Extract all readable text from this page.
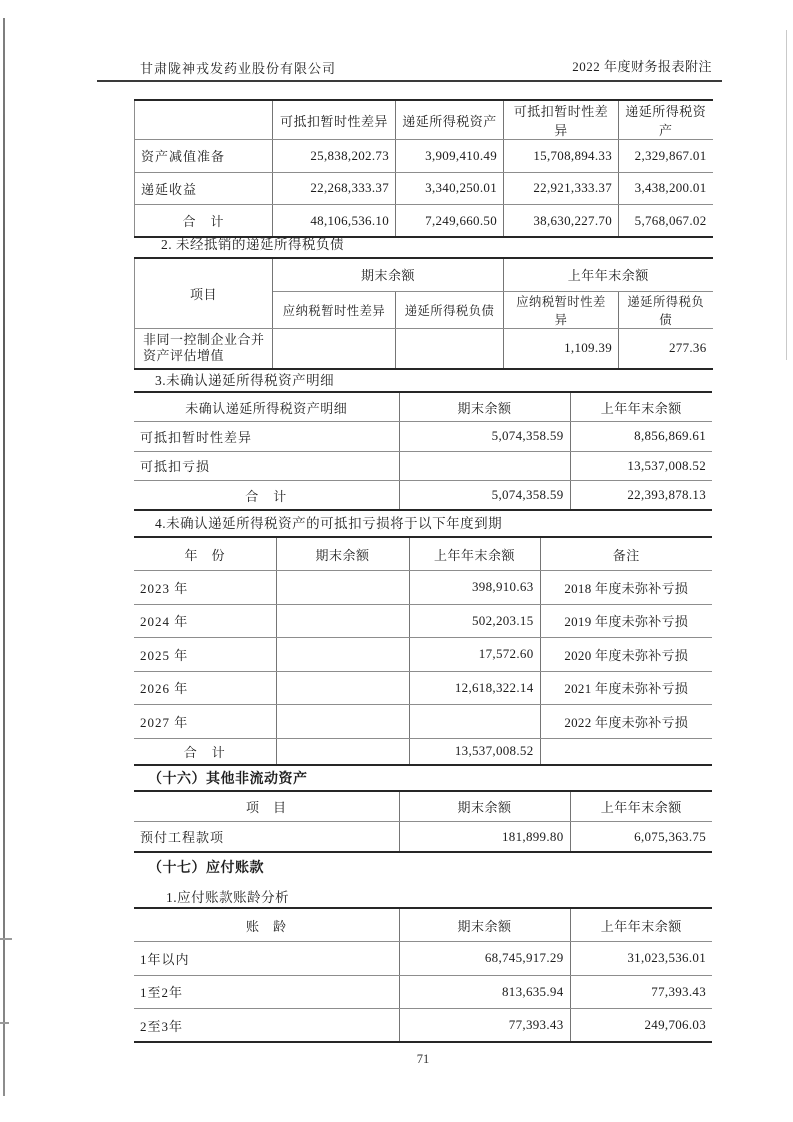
甘肃陇神戎发药业股份有限公司	2022 年度财务报表附注
	可抵扣暂时性差异	递延所得税资产	可抵扣暂时性差异	递延所得税资产
资产减值准备	25,838,202.73	3,909,410.49	15,708,894.33	2,329,867.01
递延收益	22,268,333.37	3,340,250.01	22,921,333.37	3,438,200.01
合　计	48,106,536.10	7,249,660.50	38,630,227.70	5,768,067.02
2. 未经抵销的递延所得税负债
项目	期末余额		上年年末余额	
	应纳税暂时性差异	递延所得税负债	应纳税暂时性差异	递延所得税负债
非同一控制企业合并资产评估增值			1,109.39	277.36
3.未确认递延所得税资产明细
未确认递延所得税资产明细	期末余额	上年年末余额
可抵扣暂时性差异	5,074,358.59	8,856,869.61
可抵扣亏损		13,537,008.52
合　计	5,074,358.59	22,393,878.13
4.未确认递延所得税资产的可抵扣亏损将于以下年度到期
年　份	期末余额	上年年末余额	备注
2023 年		398,910.63	2018 年度未弥补亏损
2024 年		502,203.15	2019 年度未弥补亏损
2025 年		17,572.60	2020 年度未弥补亏损
2026 年		12,618,322.14	2021 年度未弥补亏损
2027 年			2022 年度未弥补亏损
合　计		13,537,008.52	
（十六）其他非流动资产
项　目	期末余额	上年年末余额
预付工程款项	181,899.80	6,075,363.75
（十七）应付账款
1.应付账款账龄分析
账　龄	期末余额	上年年末余额
1年以内	68,745,917.29	31,023,536.01
1至2年	813,635.94	77,393.43
2至3年	77,393.43	249,706.03
71
